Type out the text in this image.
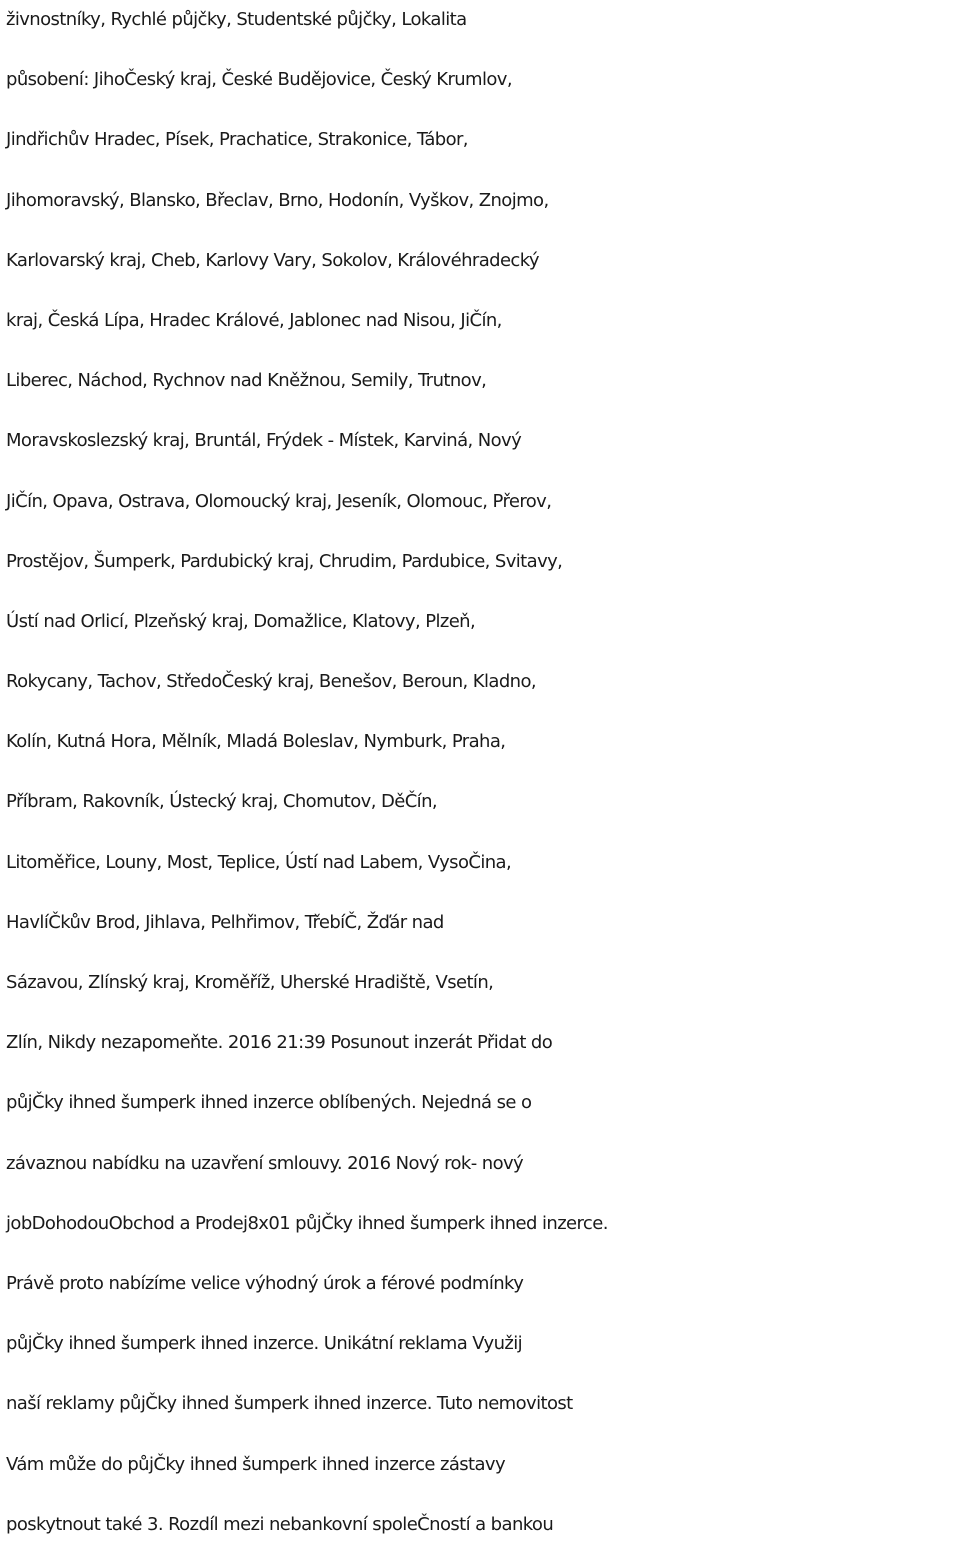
živnostníky, Rychlé půjčky, Studentské půjčky, Lokalita
působení: JihoČeský kraj, České Budějovice, Český Krumlov,
Jindřichův Hradec, Písek, Prachatice, Strakonice, Tábor,
Jihomoravský, Blansko, Břeclav, Brno, Hodonín, Vyškov, Znojmo,
Karlovarský kraj, Cheb, Karlovy Vary, Sokolov, Královéhradecký
kraj, Česká Lípa, Hradec Králové, Jablonec nad Nisou, JiČín,
Liberec, Náchod, Rychnov nad Kněžnou, Semily, Trutnov,
Moravskoslezský kraj, Bruntál, Frýdek - Místek, Karviná, Nový
JiČín, Opava, Ostrava, Olomoucký kraj, Jeseník, Olomouc, Přerov,
Prostějov, Šumperk, Pardubický kraj, Chrudim, Pardubice, Svitavy,
Ústí nad Orlicí, Plzeňský kraj, Domažlice, Klatovy, Plzeň,
Rokycany, Tachov, StředoČeský kraj, Benešov, Beroun, Kladno,
Kolín, Kutná Hora, Mělník, Mladá Boleslav, Nymburk, Praha,
Příbram, Rakovník, Ústecký kraj, Chomutov, DěČín,
Litoměřice, Louny, Most, Teplice, Ústí nad Labem, VysoČina,
HavlíČkův Brod, Jihlava, Pelhřimov, TřebíČ, Žďár nad
Sázavou, Zlínský kraj, Kroměříž, Uherské Hradiště, Vsetín,
Zlín, Nikdy nezapomeňte. 2016 21:39 Posunout inzerát Přidat do
půjČky ihned šumperk ihned inzerce oblíbených. Nejedná se o
závaznou nabídku na uzavření smlouvy. 2016 Nový rok- nový
jobDohodouObchod a Prodej8x01 půjČky ihned šumperk ihned inzerce.
Právě proto nabízíme velice výhodný úrok a férové podmínky
půjČky ihned šumperk ihned inzerce. Unikátní reklama Využij
naší reklamy půjČky ihned šumperk ihned inzerce. Tuto nemovitost
Vám může do půjČky ihned šumperk ihned inzerce zástavy
poskytnout také 3. Rozdíl mezi nebankovní spoleČností a bankou
